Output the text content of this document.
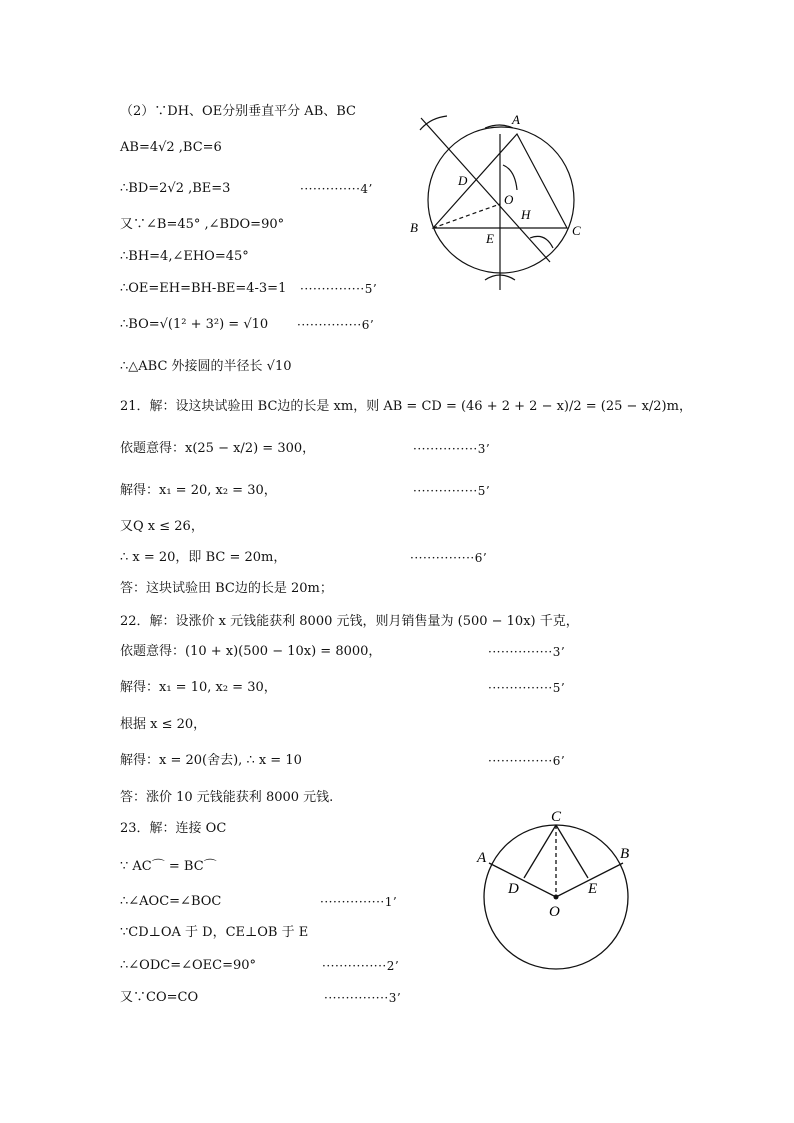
（2）∵DH、OE分别垂直平分 AB、BC
AB=4√2 ,BC=6
∴BD=2√2 ,BE=3	··············4’
又∵∠B=45° ,∠BDO=90°
∴BH=4,∠EHO=45°
∴OE=EH=BH-BE=4-3=1 ···············5’
∴BO=√(1² + 3²) = √10 ···············6’
∴△ABC 外接圆的半径长 √10
A
B	C
D
O
H
E
21．解：设这块试验田 BC边的长是 xm，则 AB = CD = (46 + 2 + 2 − x)/2 = (25 − x/2)m，
依题意得：x(25 − x/2) = 300，	···············3’
解得：x₁ = 20, x₂ = 30，	···············5’
又Q x ≤ 26，
∴ x = 20，即 BC = 20m，	···············6’
答：这块试验田 BC边的长是 20m；
22．解：设涨价 x 元钱能获利 8000 元钱，则月销售量为 (500 − 10x) 千克，
依题意得：(10 + x)(500 − 10x) = 8000，	···············3’
解得：x₁ = 10, x₂ = 30，	···············5’
根据 x ≤ 20，
解得：x = 20(舍去), ∴ x = 10	···············6’
答：涨价 10 元钱能获利 8000 元钱.
23．解：连接 OC
∵ AC⌒ = BC⌒
∴∠AOC=∠BOC	···············1’
∵CD⊥OA 于 D，CE⊥OB 于 E
∴∠ODC=∠OEC=90°	···············2’
又∵CO=CO	···············3’
C
A	B
D	E
O
